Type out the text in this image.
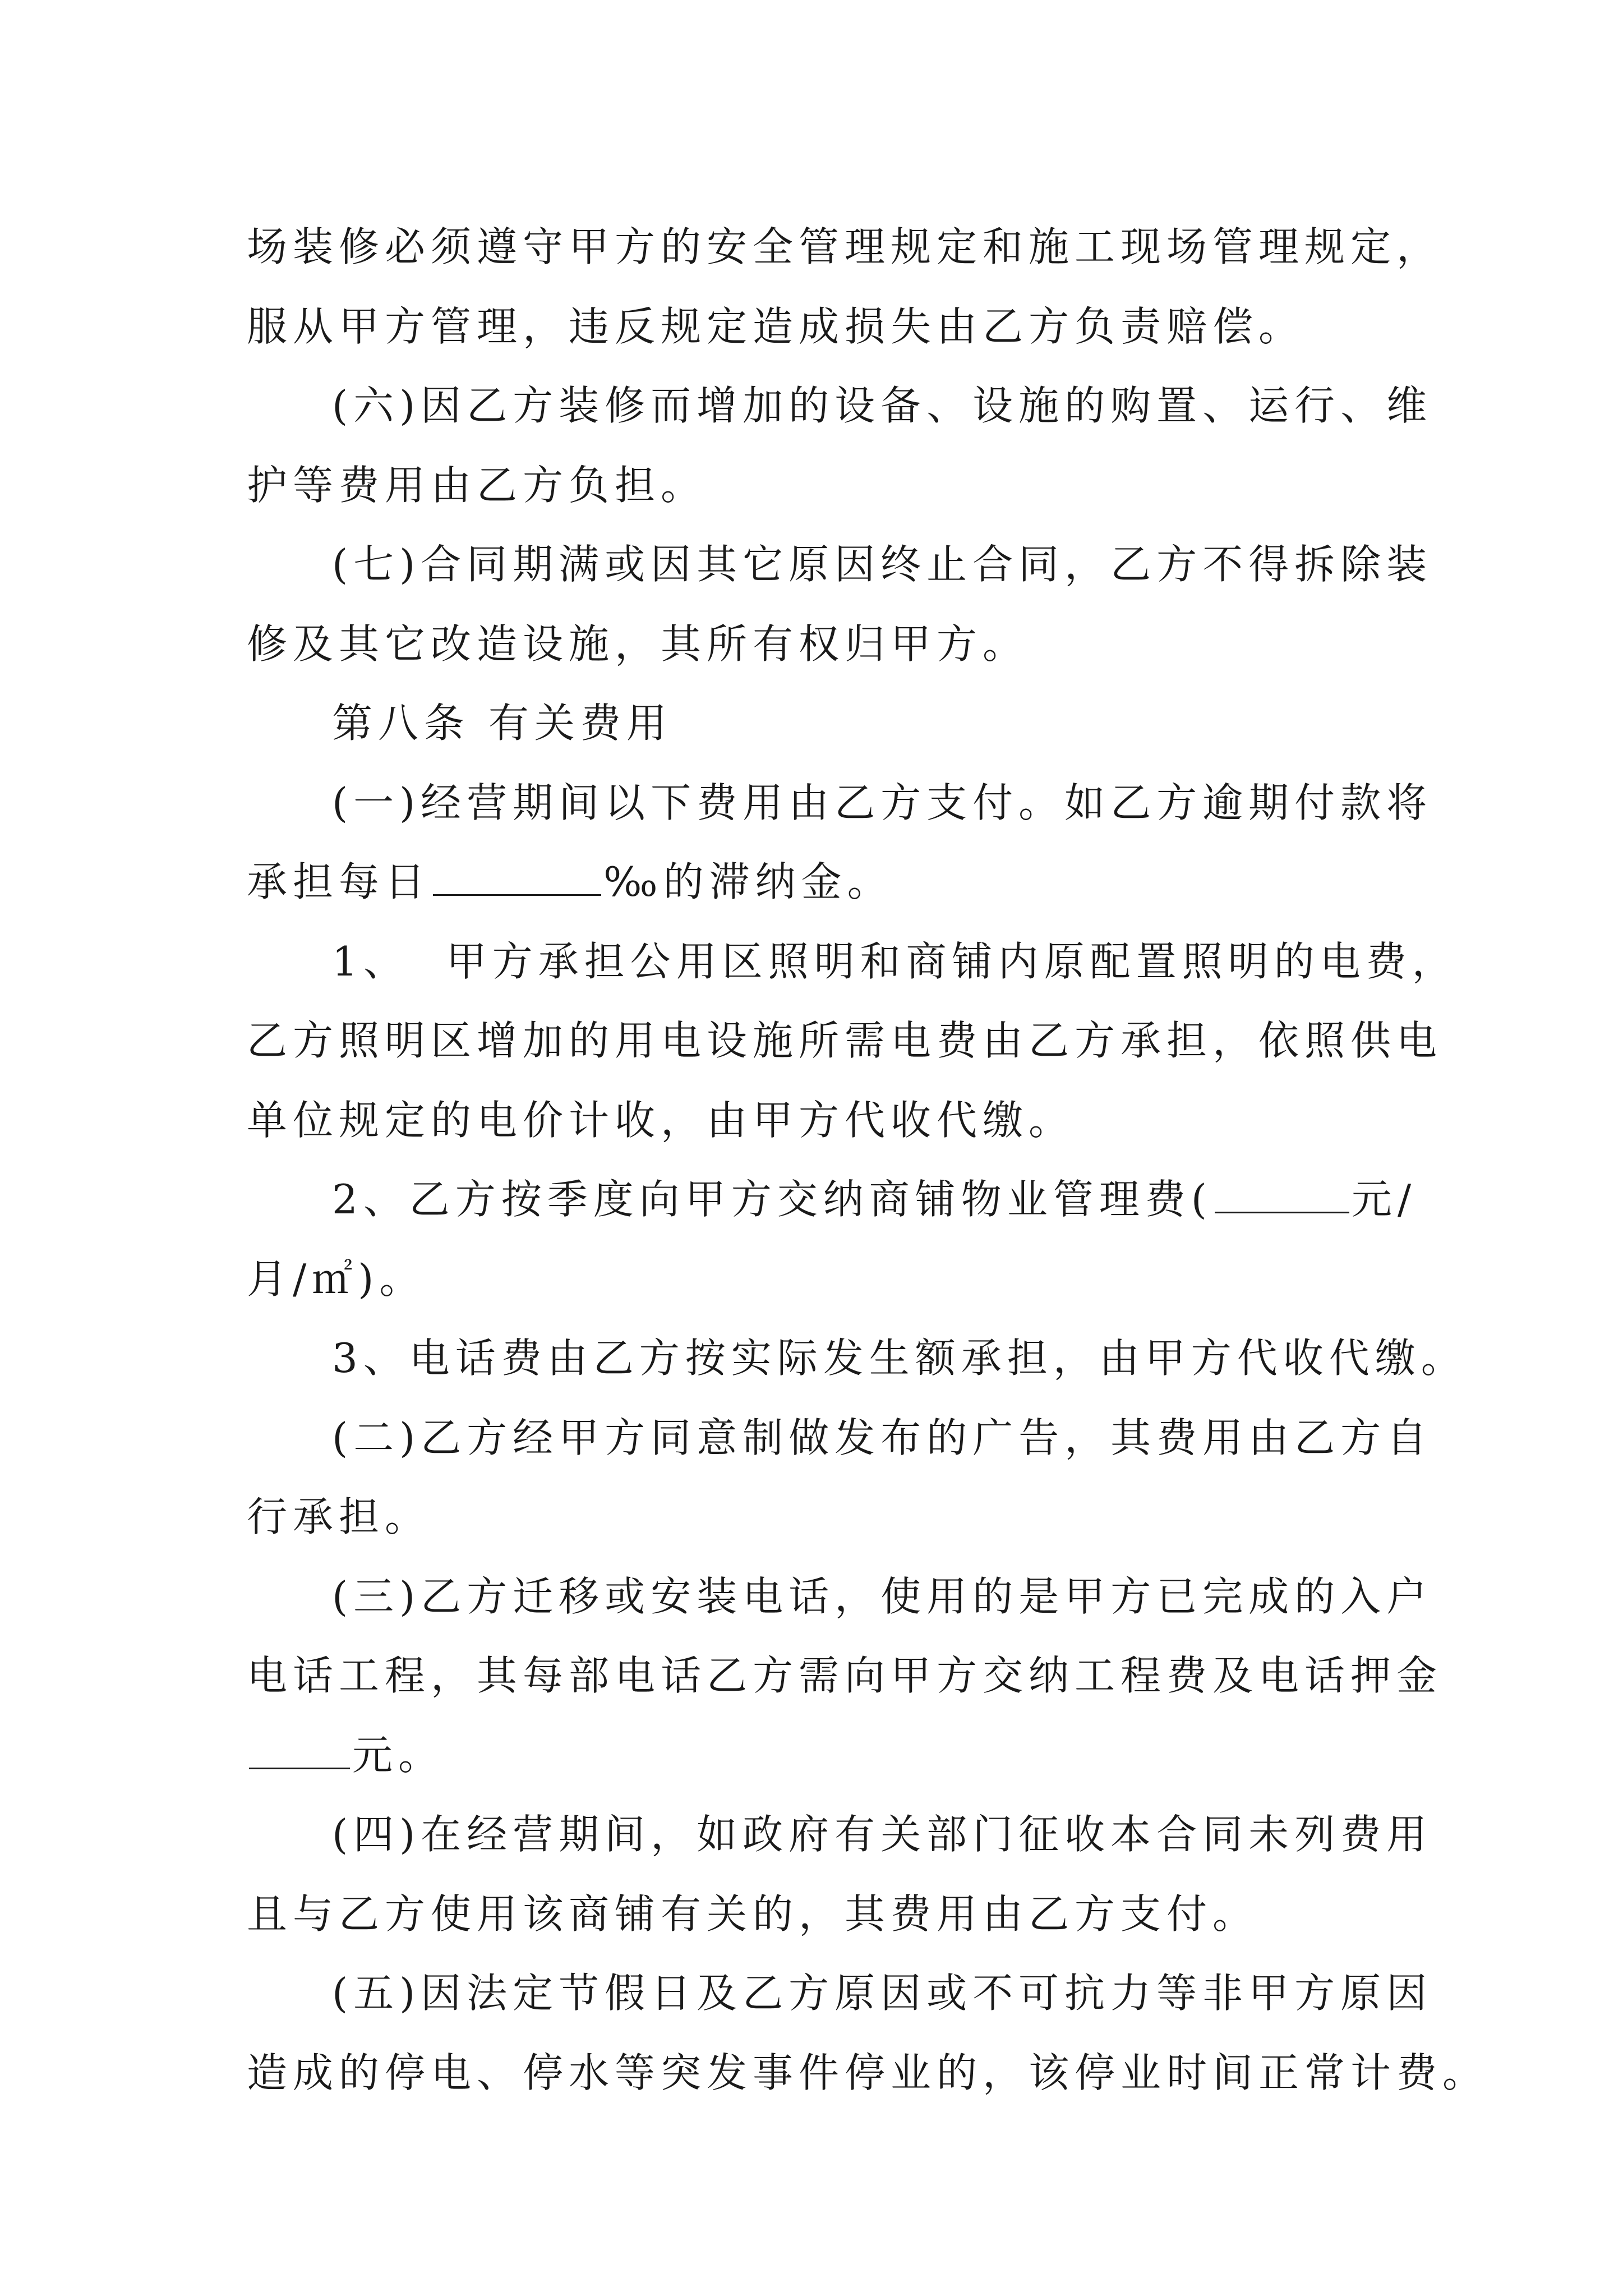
场装修必须遵守甲方的安全管理规定和施工现场管理规定，
服从甲方管理，违反规定造成损失由乙方负责赔偿。
(六)因乙方装修而增加的设备、设施的购置、运行、维
护等费用由乙方负担。
(七)合同期满或因其它原因终止合同，乙方不得拆除装
修及其它改造设施，其所有权归甲方。
第八条 有关费用
(一)经营期间以下费用由乙方支付。如乙方逾期付款将
承担每日	‰的滞纳金。
1、  甲方承担公用区照明和商铺内原配置照明的电费，
乙方照明区增加的用电设施所需电费由乙方承担，依照供电
单位规定的电价计收，由甲方代收代缴。
2、乙方按季度向甲方交纳商铺物业管理费(	元/
月/㎡)。
3、电话费由乙方按实际发生额承担，由甲方代收代缴。
(二)乙方经甲方同意制做发布的广告，其费用由乙方自
行承担。
(三)乙方迁移或安装电话，使用的是甲方已完成的入户
电话工程，其每部电话乙方需向甲方交纳工程费及电话押金
元。
(四)在经营期间，如政府有关部门征收本合同未列费用
且与乙方使用该商铺有关的，其费用由乙方支付。
(五)因法定节假日及乙方原因或不可抗力等非甲方原因
造成的停电、停水等突发事件停业的，该停业时间正常计费。
